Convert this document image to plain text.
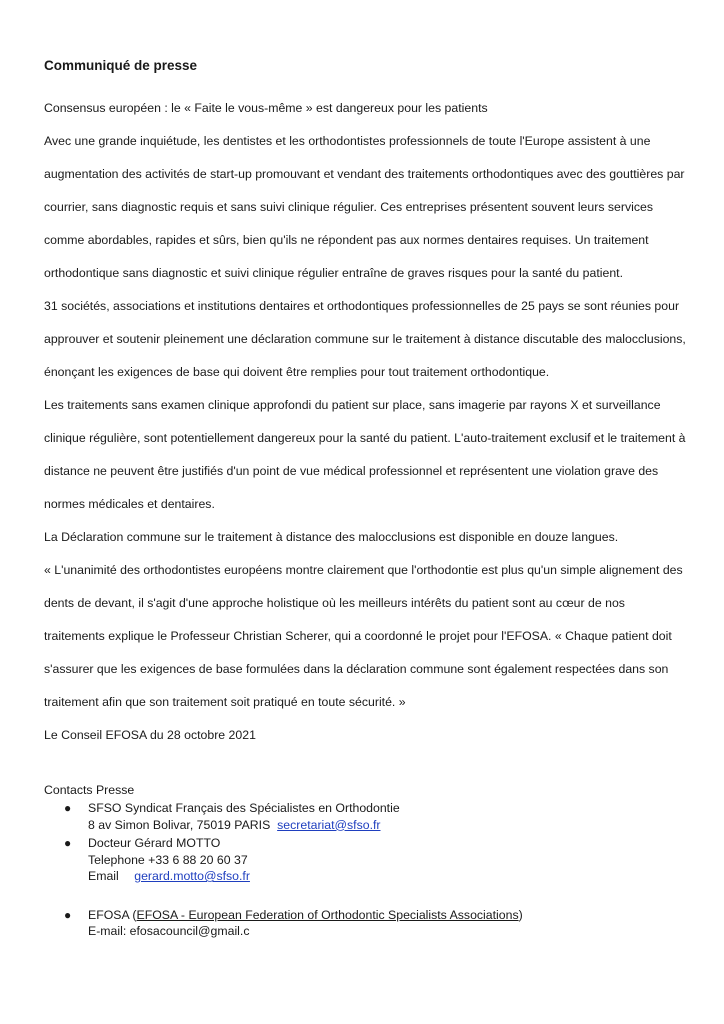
Communiqué de presse

Consensus européen : le « Faite le vous-même » est dangereux pour les patients

Avec une grande inquiétude, les dentistes et les orthodontistes professionnels de toute l'Europe assistent à une augmentation des activités de start-up promouvant et vendant des traitements orthodontiques avec des gouttières par courrier, sans diagnostic requis et sans suivi clinique régulier. Ces entreprises présentent souvent leurs services comme abordables, rapides et sûrs, bien qu'ils ne répondent pas aux normes dentaires requises. Un traitement orthodontique sans diagnostic et suivi clinique régulier entraîne de graves risques pour la santé du patient.

31 sociétés, associations et institutions dentaires et orthodontiques professionnelles de 25 pays se sont réunies pour approuver et soutenir pleinement une déclaration commune sur le traitement à distance discutable des malocclusions, énonçant les exigences de base qui doivent être remplies pour tout traitement orthodontique.

Les traitements sans examen clinique approfondi du patient sur place, sans imagerie par rayons X et surveillance clinique régulière, sont potentiellement dangereux pour la santé du patient. L'auto-traitement exclusif et le traitement à distance ne peuvent être justifiés d'un point de vue médical professionnel et représentent une violation grave des normes médicales et dentaires.

La Déclaration commune sur le traitement à distance des malocclusions est disponible en douze langues.

« L'unanimité des orthodontistes européens montre clairement que l'orthodontie est plus qu'un simple alignement des dents de devant, il s'agit d'une approche holistique où les meilleurs intérêts du patient sont au cœur de nos traitements explique le Professeur Christian Scherer, qui a coordonné le projet pour l'EFOSA. « Chaque patient doit s'assurer que les exigences de base formulées dans la déclaration commune sont également respectées dans son traitement afin que son traitement soit pratiqué en toute sécurité. »

Le Conseil EFOSA du 28 octobre 2021

Contacts Presse

● SFSO Syndicat Français des Spécialistes en Orthodontie
8 av Simon Bolivar, 75019 PARIS secretariat@sfso.fr
● Docteur Gérard MOTTO
Telephone +33 6 88 20 60 37
Email gerard.motto@sfso.fr
● EFOSA (EFOSA - European Federation of Orthodontic Specialists Associations)
E-mail: efosacouncil@gmail.c
